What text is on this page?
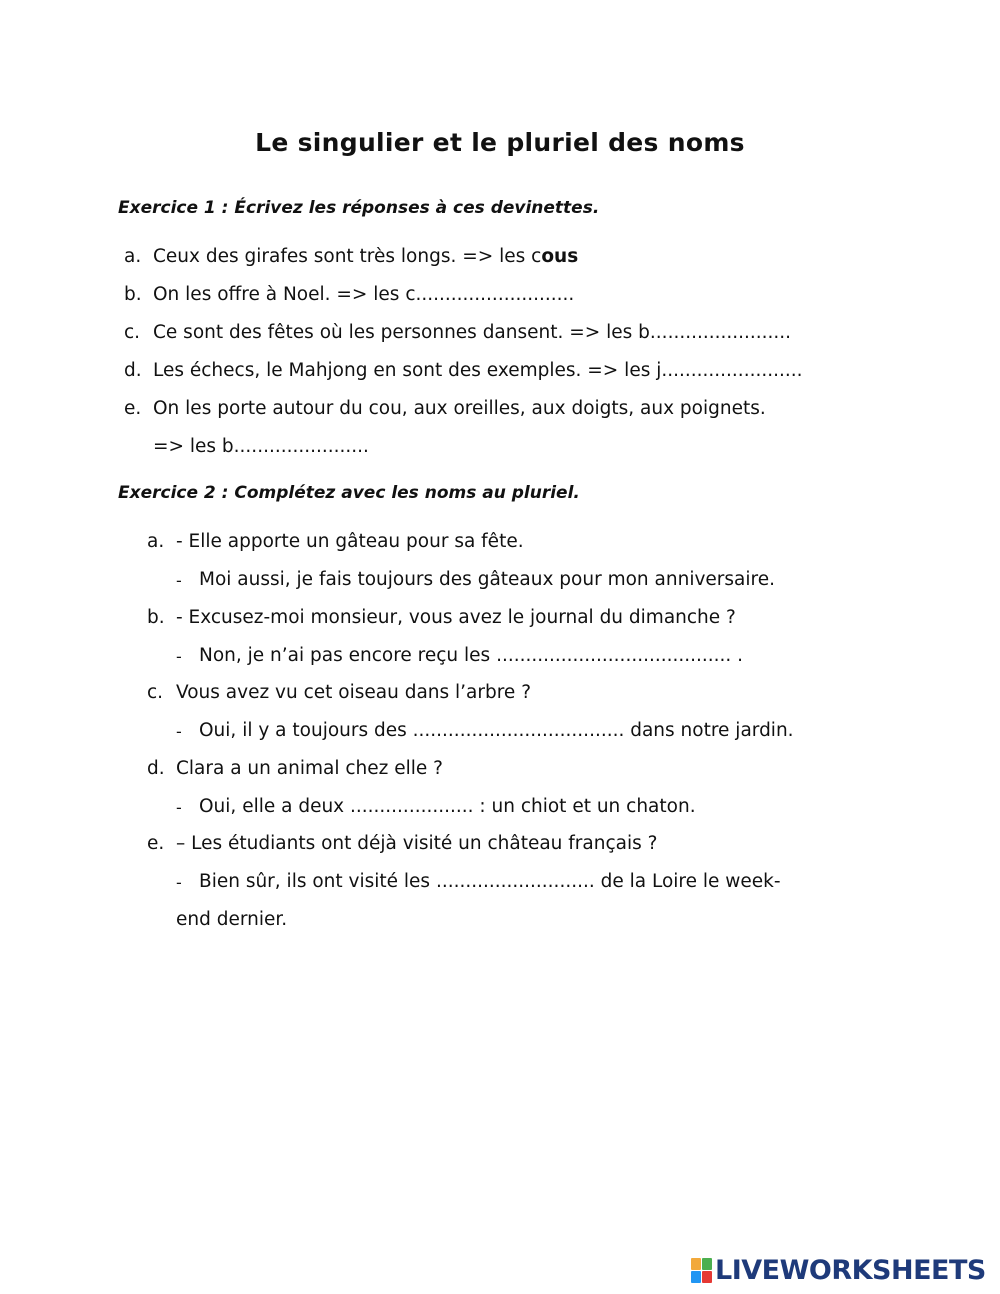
Le singulier et le pluriel des noms
Exercice 1 : Écrivez les réponses à ces devinettes.
a. Ceux des girafes sont très longs. => les cous
b. On les offre à Noel. => les c...........................
c. Ce sont des fêtes où les personnes dansent. => les b........................
d. Les échecs, le Mahjong en sont des exemples. => les j........................
e. On les porte autour du cou, aux oreilles, aux doigts, aux poignets.
=> les b.......................
Exercice 2 : Complétez avec les noms au pluriel.
a. - Elle apporte un gâteau pour sa fête.
- Moi aussi, je fais toujours des gâteaux pour mon anniversaire.
b. - Excusez-moi monsieur, vous avez le journal du dimanche ?
- Non, je n’ai pas encore reçu les ........................................ .
c. Vous avez vu cet oiseau dans l’arbre ?
- Oui, il y a toujours des .................................... dans notre jardin.
d. Clara a un animal chez elle ?
- Oui, elle a deux ..................... : un chiot et un chaton.
e. – Les étudiants ont déjà visité un château français ?
- Bien sûr, ils ont visité les ........................... de la Loire le week-
end dernier.
LIVEWORKSHEETS
